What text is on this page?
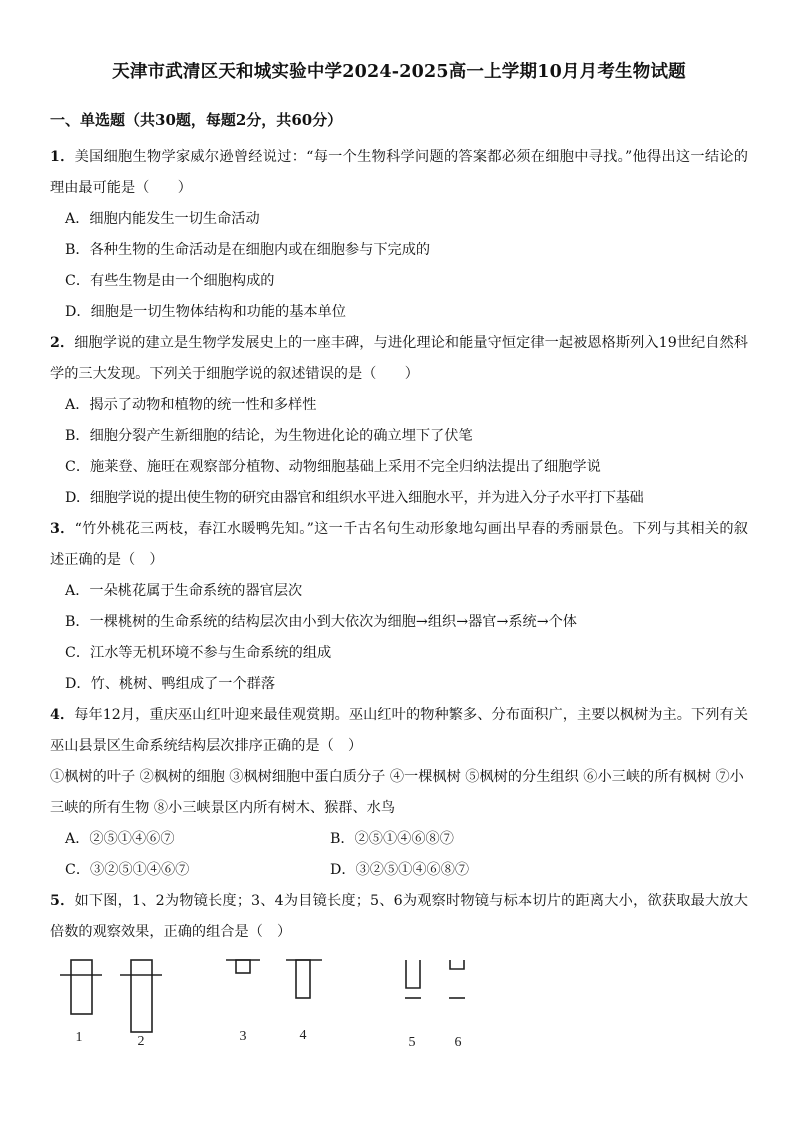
天津市武清区天和城实验中学2024-2025高一上学期10月月考生物试题
一、单选题（共30题，每题2分，共60分）

1．美国细胞生物学家威尔逊曾经说过：“每一个生物科学问题的答案都必须在细胞中寻找。”他得出这一结论的理由最可能是（　　）

A．细胞内能发生一切生命活动

B．各种生物的生命活动是在细胞内或在细胞参与下完成的

C．有些生物是由一个细胞构成的

D．细胞是一切生物体结构和功能的基本单位

2．细胞学说的建立是生物学发展史上的一座丰碑，与进化理论和能量守恒定律一起被恩格斯列入19世纪自然科学的三大发现。下列关于细胞学说的叙述错误的是（　　）

A．揭示了动物和植物的统一性和多样性

B．细胞分裂产生新细胞的结论，为生物进化论的确立埋下了伏笔

C．施莱登、施旺在观察部分植物、动物细胞基础上采用不完全归纳法提出了细胞学说

D．细胞学说的提出使生物的研究由器官和组织水平进入细胞水平，并为进入分子水平打下基础

3．“竹外桃花三两枝，春江水暖鸭先知。”这一千古名句生动形象地勾画出早春的秀丽景色。下列与其相关的叙述正确的是（　）

A．一朵桃花属于生命系统的器官层次

B．一棵桃树的生命系统的结构层次由小到大依次为细胞→组织→器官→系统→个体

C．江水等无机环境不参与生命系统的组成

D．竹、桃树、鸭组成了一个群落

4．每年12月，重庆巫山红叶迎来最佳观赏期。巫山红叶的物种繁多、分布面积广，主要以枫树为主。下列有关巫山县景区生命系统结构层次排序正确的是（　）

①枫树的叶子 ②枫树的细胞 ③枫树细胞中蛋白质分子 ④一棵枫树 ⑤枫树的分生组织 ⑥小三峡的所有枫树 ⑦小三峡的所有生物 ⑧小三峡景区内所有树木、猴群、水鸟

A．②⑤①④⑥⑦	B．②⑤①④⑥⑧⑦

C．③②⑤①④⑥⑦	D．③②⑤①④⑥⑧⑦

5．如下图，1、2为物镜长度；3、4为目镜长度；5、6为观察时物镜与标本切片的距离大小，欲获取最大放大倍数的观察效果，正确的组合是（　）

1	2	3	4	5	6
